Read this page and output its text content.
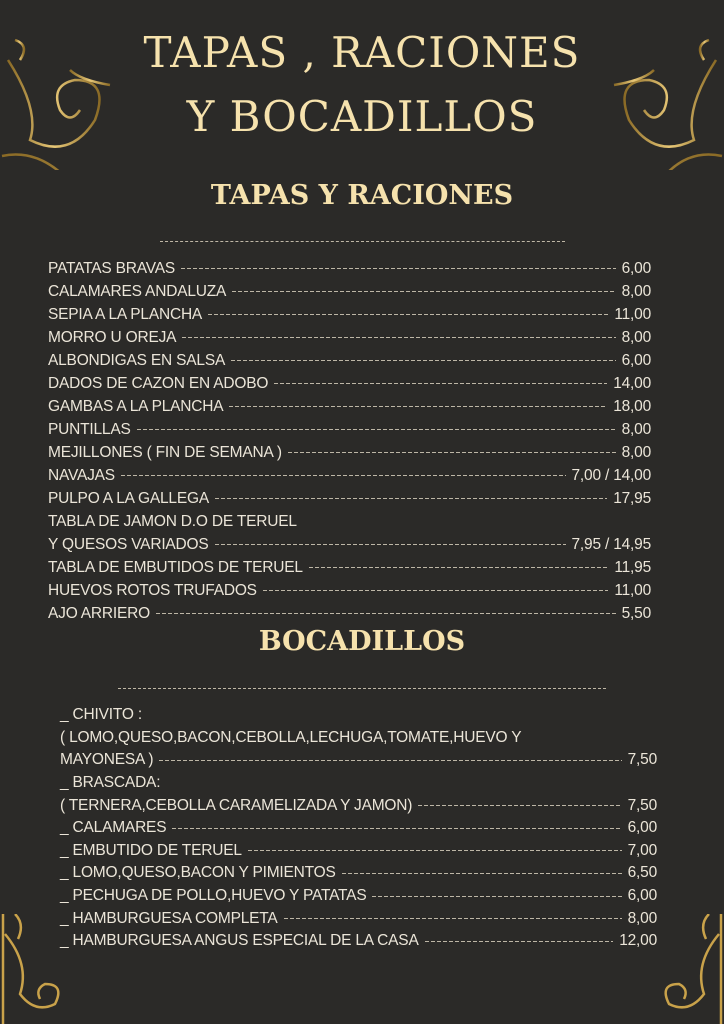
TAPAS , RACIONES
Y BOCADILLOS
TAPAS Y RACIONES
PATATAS BRAVAS	6,00
CALAMARES ANDALUZA	8,00
SEPIA A LA PLANCHA	11,00
MORRO U OREJA	8,00
ALBONDIGAS EN SALSA	6,00
DADOS DE CAZON EN ADOBO	14,00
GAMBAS A LA PLANCHA	18,00
PUNTILLAS	8,00
MEJILLONES ( FIN DE SEMANA )	8,00
NAVAJAS	7,00 / 14,00
PULPO A LA GALLEGA	17,95
TABLA DE JAMON D.O DE TERUEL
Y QUESOS VARIADOS	7,95 / 14,95
TABLA DE EMBUTIDOS DE TERUEL	11,95
HUEVOS ROTOS TRUFADOS	11,00
AJO ARRIERO	5,50
BOCADILLOS
_ CHIVITO :
( LOMO,QUESO,BACON,CEBOLLA,LECHUGA,TOMATE,HUEVO Y
MAYONESA )	7,50
_ BRASCADA:
( TERNERA,CEBOLLA CARAMELIZADA Y JAMON)	7,50
_ CALAMARES	6,00
_ EMBUTIDO DE TERUEL	7,00
_ LOMO,QUESO,BACON Y PIMIENTOS	6,50
_ PECHUGA DE POLLO,HUEVO Y PATATAS	6,00
_ HAMBURGUESA COMPLETA	8,00
_ HAMBURGUESA ANGUS ESPECIAL DE LA CASA	12,00
